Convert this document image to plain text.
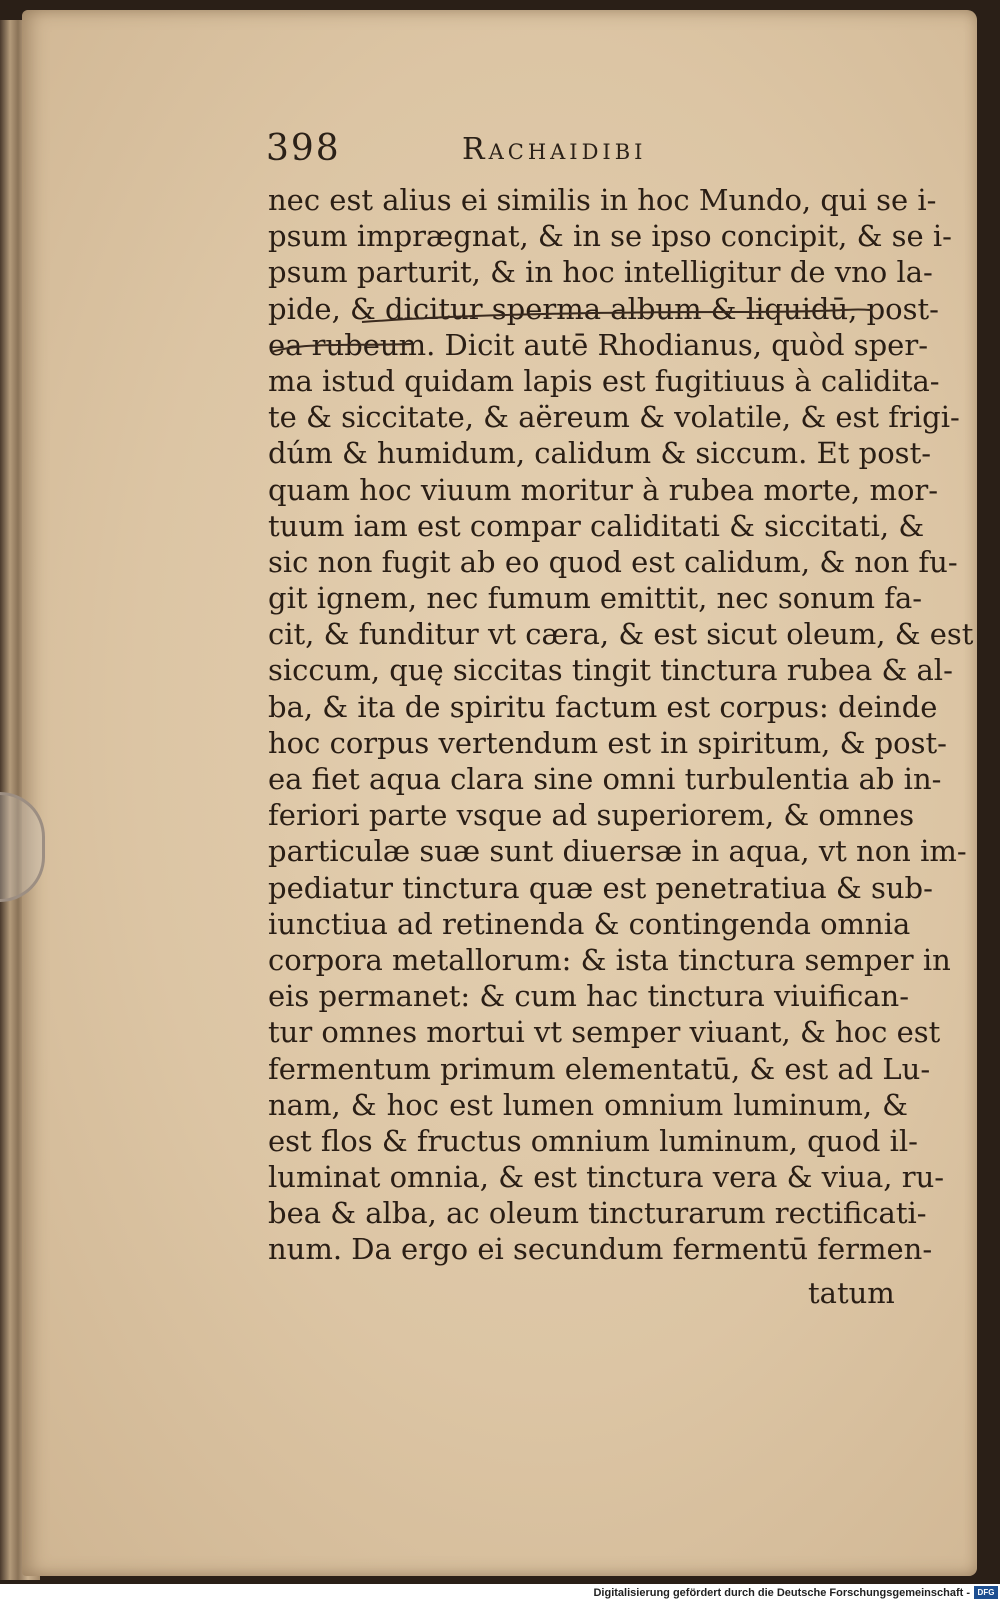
398	Rachaidibi
nec est alius ei similis in hoc Mundo, qui se i-
psum imprægnat, & in se ipso concipit, & se i-
psum parturit, & in hoc intelligitur de vno la-
pide, & dicitur sperma album & liquidū, post-
ea rubeum. Dicit autē Rhodianus, quòd sper-
ma istud quidam lapis est fugitiuus à calidita-
te & siccitate, & aëreum & volatile, & est frigi-
dúm & humidum, calidum & siccum. Et post-
quam hoc viuum moritur à rubea morte, mor-
tuum iam est compar caliditati & siccitati, &
sic non fugit ab eo quod est calidum, & non fu-
git ignem, nec fumum emittit, nec sonum fa-
cit, & funditur vt cæra, & est sicut oleum, & est
siccum, quę siccitas tingit tinctura rubea & al-
ba, & ita de spiritu factum est corpus: deinde
hoc corpus vertendum est in spiritum, & post-
ea fiet aqua clara sine omni turbulentia ab in-
feriori parte vsque ad superiorem, & omnes
particulæ suæ sunt diuersæ in aqua, vt non im-
pediatur tinctura quæ est penetratiua & sub-
iunctiua ad retinenda & contingenda omnia
corpora metallorum: & ista tinctura semper in
eis permanet: & cum hac tinctura viuifican-
tur omnes mortui vt semper viuant, & hoc est
fermentum primum elementatū, & est ad Lu-
nam, & hoc est lumen omnium luminum, &
est flos & fructus omnium luminum, quod il-
luminat omnia, & est tinctura vera & viua, ru-
bea & alba, ac oleum tincturarum rectificati-
num. Da ergo ei secundum fermentū fermen-
tatum
Digitalisierung gefördert durch die Deutsche Forschungsgemeinschaft - DFG
